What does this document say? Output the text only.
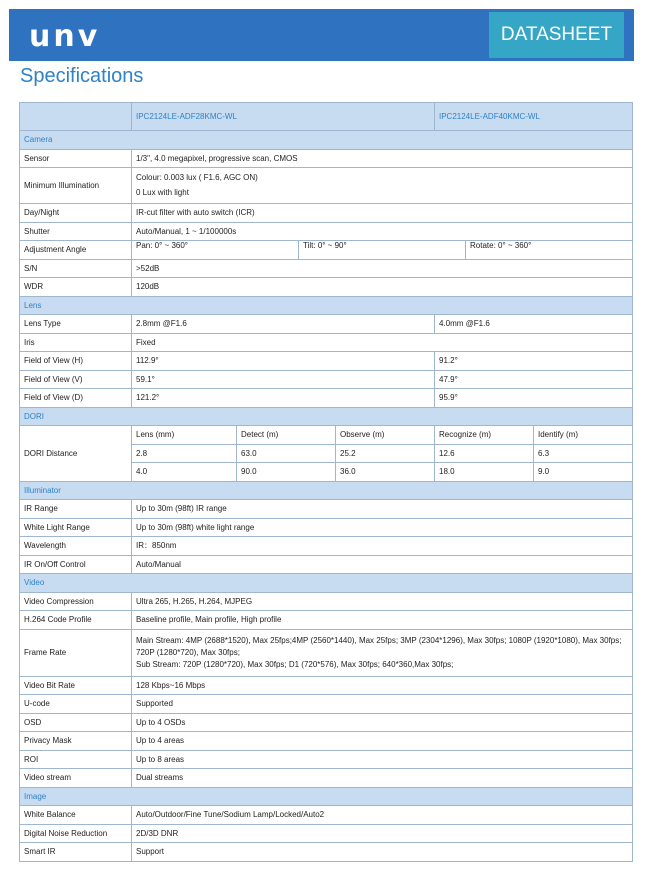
unv	DATASHEET
Specifications
	IPC2124LE-ADF28KMC-WL			IPC2124LE-ADF40KMC-WL	
Camera					
Sensor	1/3", 4.0 megapixel, progressive scan, CMOS				
Minimum Illumination	Colour: 0.003 lux ( F1.6, AGC ON)
0 Lux with light				

Day/Night	IR-cut filter with auto switch (ICR)				
Shutter	Auto/Manual, 1 ~ 1/100000s				
Adjustment Angle	Pan: 0° ~ 360° Tilt: 0° ~ 90° Rotate: 0° ~ 360°				

S/N	>52dB				
WDR	120dB				
Lens					
Lens Type	2.8mm @F1.6			4.0mm @F1.6	
Iris	Fixed				
Field of View (H)	112.9°			91.2°	
Field of View (V)	59.1°			47.9°	
Field of View (D)	121.2°			95.9°	
DORI					
DORI Distance	Lens (mm)	Detect (m)	Observe (m)	Recognize (m)	Identify (m)
	2.8	63.0	25.2	12.6	6.3
	4.0	90.0	36.0	18.0	9.0
Illuminator					
IR Range	Up to 30m (98ft) IR range				
White Light Range	Up to 30m (98ft) white light range				
Wavelength	IR：850nm				
IR On/Off Control	Auto/Manual				
Video					
Video Compression	Ultra 265, H.265, H.264, MJPEG				
H.264 Code Profile	Baseline profile, Main profile, High profile				
Frame Rate	Main Stream: 4MP (2688*1520), Max 25fps;4MP (2560*1440), Max 25fps; 3MP (2304*1296), Max 30fps; 1080P (1920*1080), Max 30fps; 720P (1280*720), Max 30fps;
Sub Stream: 720P (1280*720), Max 30fps; D1 (720*576), Max 30fps; 640*360,Max 30fps;				

Video Bit Rate	128 Kbps~16 Mbps				
U-code	Supported				
OSD	Up to 4 OSDs				
Privacy Mask	Up to 4 areas				
ROI	Up to 8 areas				
Video stream	Dual streams				
Image					
White Balance	Auto/Outdoor/Fine Tune/Sodium Lamp/Locked/Auto2				
Digital Noise Reduction	2D/3D DNR				
Smart IR	Support				
